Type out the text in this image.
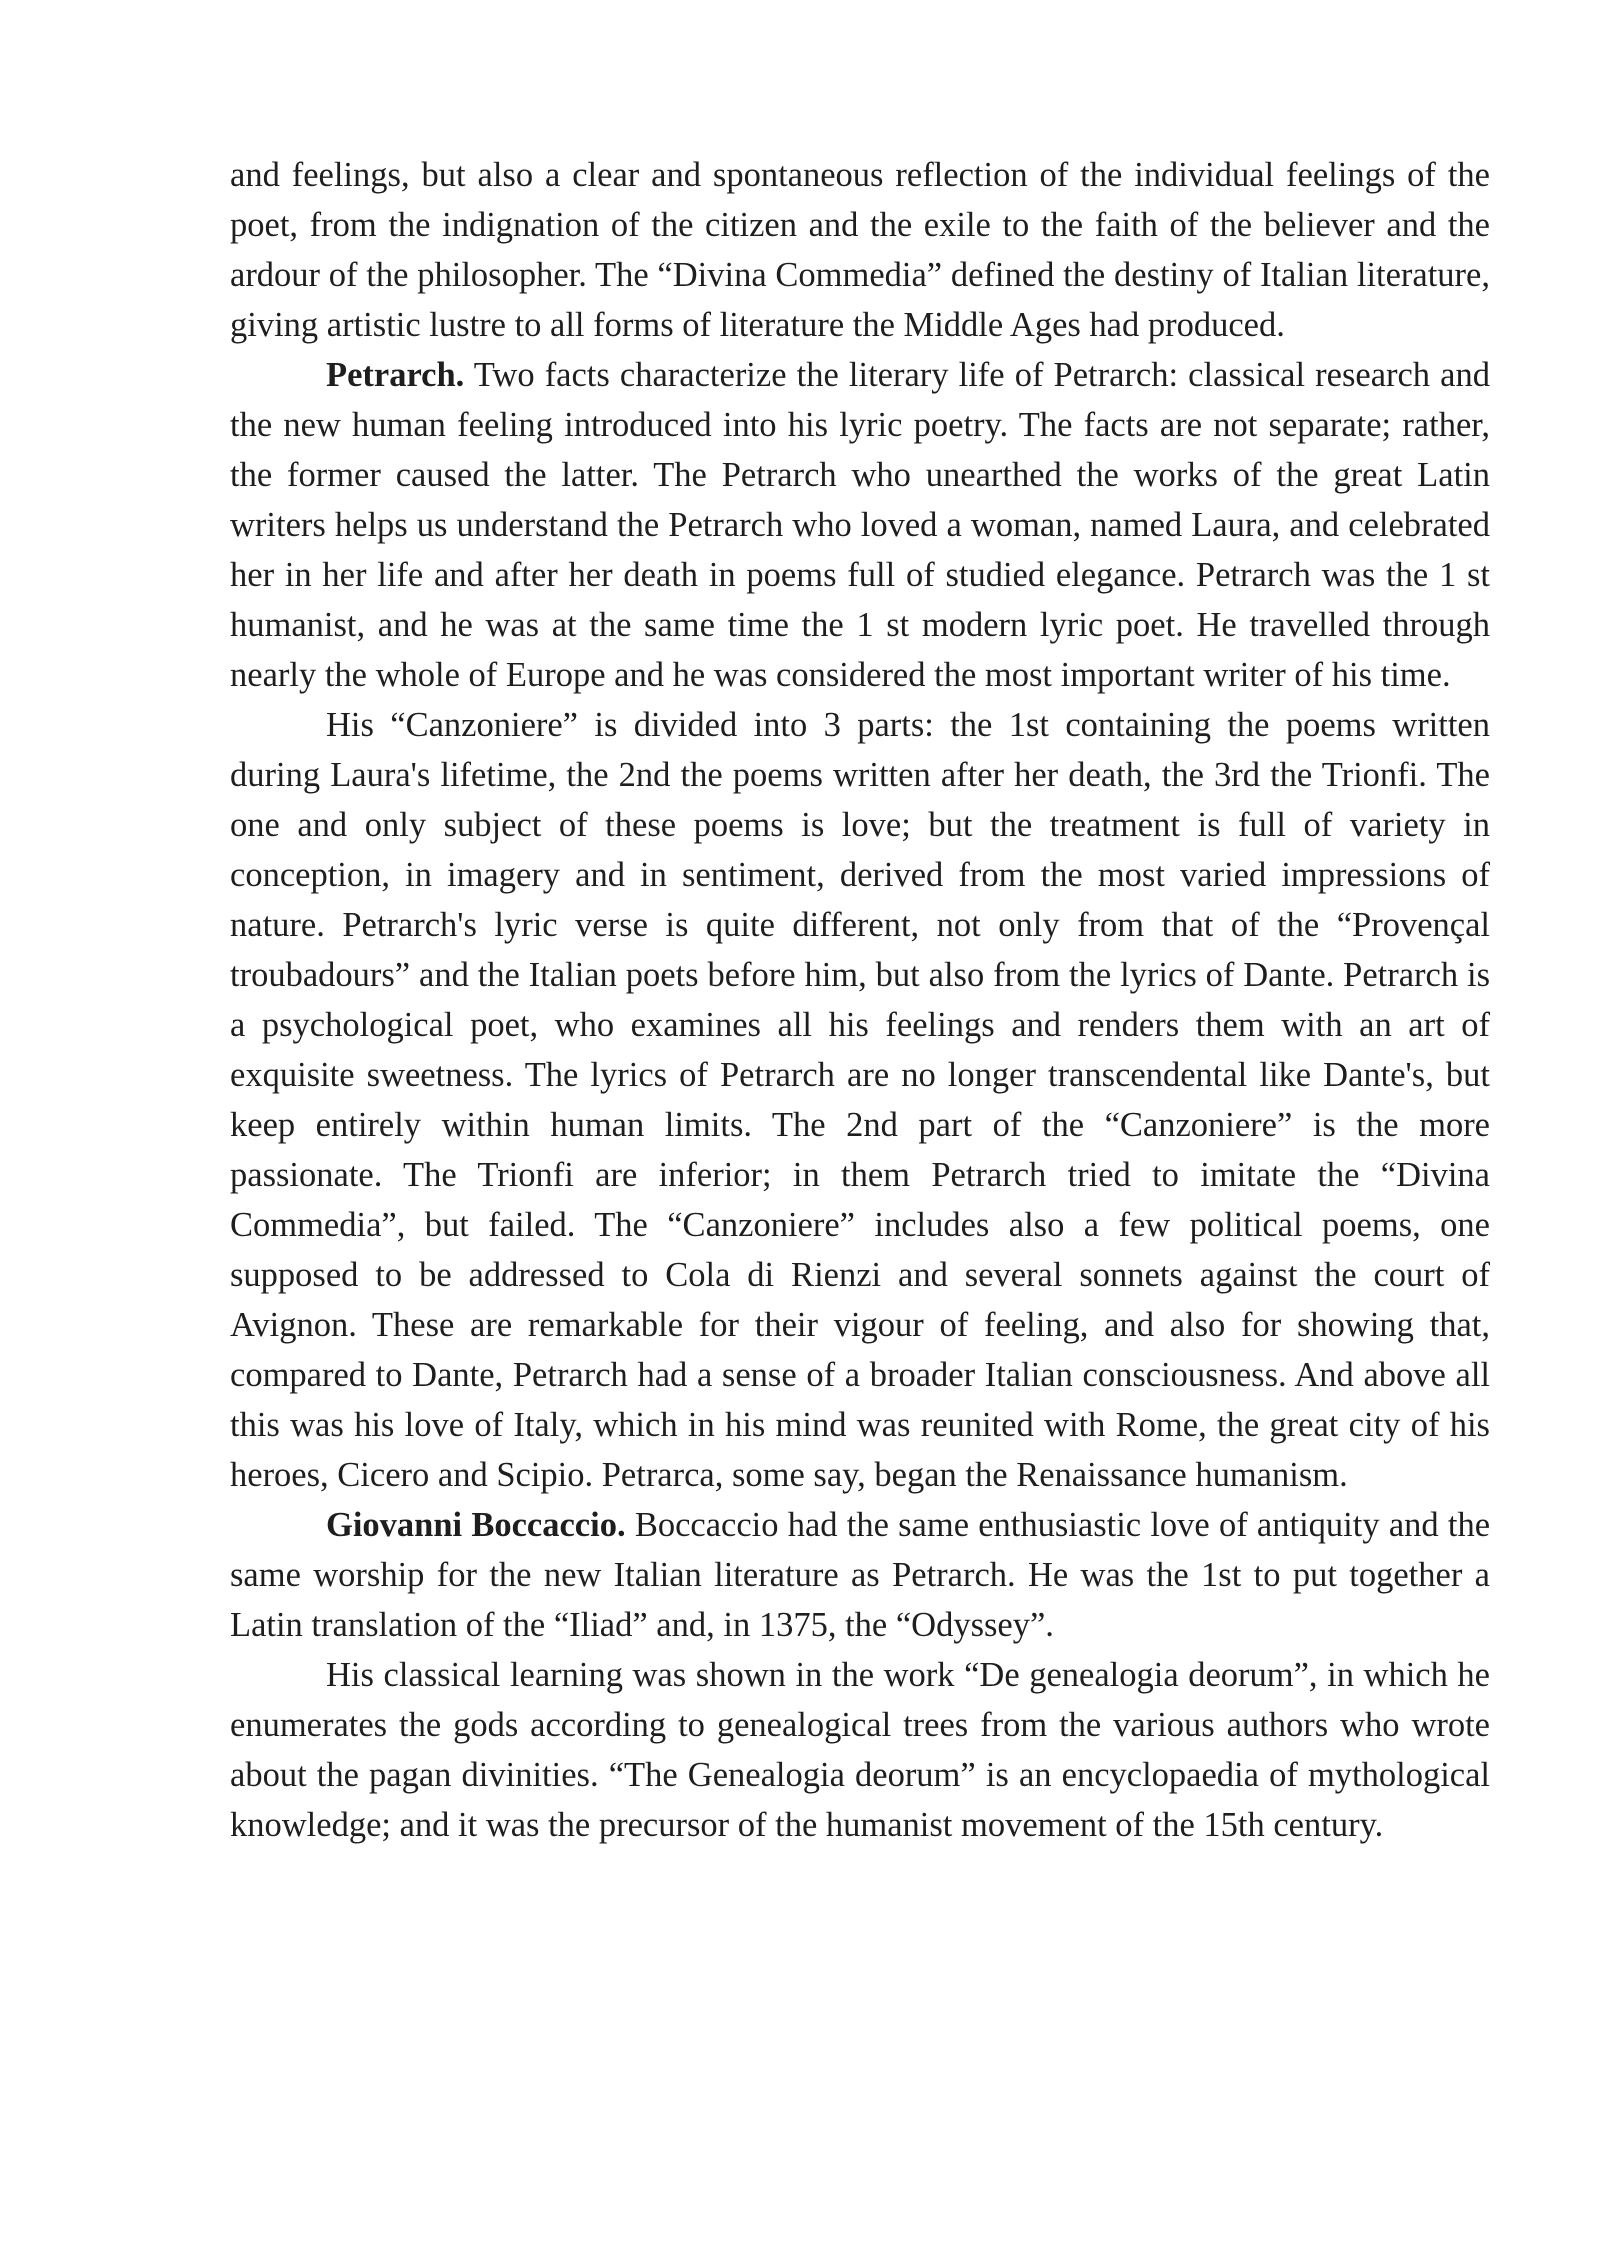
and feelings, but also a clear and spontaneous reflection of the individual feelings of the poet, from the indignation of the citizen and the exile to the faith of the believer and the ardour of the philosopher. The “Divina Commedia” defined the destiny of Italian literature, giving artistic lustre to all forms of literature the Middle Ages had produced.

Petrarch. Two facts characterize the literary life of Petrarch: classical research and the new human feeling introduced into his lyric poetry. The facts are not separate; rather, the former caused the latter. The Petrarch who unearthed the works of the great Latin writers helps us understand the Petrarch who loved a woman, named Laura, and celebrated her in her life and after her death in poems full of studied elegance. Petrarch was the 1 st humanist, and he was at the same time the 1 st modern lyric poet. He travelled through nearly the whole of Europe and he was considered the most important writer of his time.

His “Canzoniere” is divided into 3 parts: the 1st containing the poems written during Laura's lifetime, the 2nd the poems written after her death, the 3rd the Trionfi. The one and only subject of these poems is love; but the treatment is full of variety in conception, in imagery and in sentiment, derived from the most varied impressions of nature. Petrarch's lyric verse is quite different, not only from that of the “Provençal troubadours” and the Italian poets before him, but also from the lyrics of Dante. Petrarch is a psychological poet, who examines all his feelings and renders them with an art of exquisite sweetness. The lyrics of Petrarch are no longer transcendental like Dante's, but keep entirely within human limits. The 2nd part of the “Canzoniere” is the more passionate. The Trionfi are inferior; in them Petrarch tried to imitate the “Divina Commedia”, but failed. The “Canzoniere” includes also a few political poems, one supposed to be addressed to Cola di Rienzi and several sonnets against the court of Avignon. These are remarkable for their vigour of feeling, and also for showing that, compared to Dante, Petrarch had a sense of a broader Italian consciousness. And above all this was his love of Italy, which in his mind was reunited with Rome, the great city of his heroes, Cicero and Scipio. Petrarca, some say, began the Renaissance humanism.

Giovanni Boccaccio. Boccaccio had the same enthusiastic love of antiquity and the same worship for the new Italian literature as Petrarch. He was the 1st to put together a Latin translation of the “Iliad” and, in 1375, the “Odyssey”.

His classical learning was shown in the work “De genealogia deorum”, in which he enumerates the gods according to genealogical trees from the various authors who wrote about the pagan divinities. “The Genealogia deorum” is an encyclopaedia of mythological knowledge; and it was the precursor of the humanist movement of the 15th century.
